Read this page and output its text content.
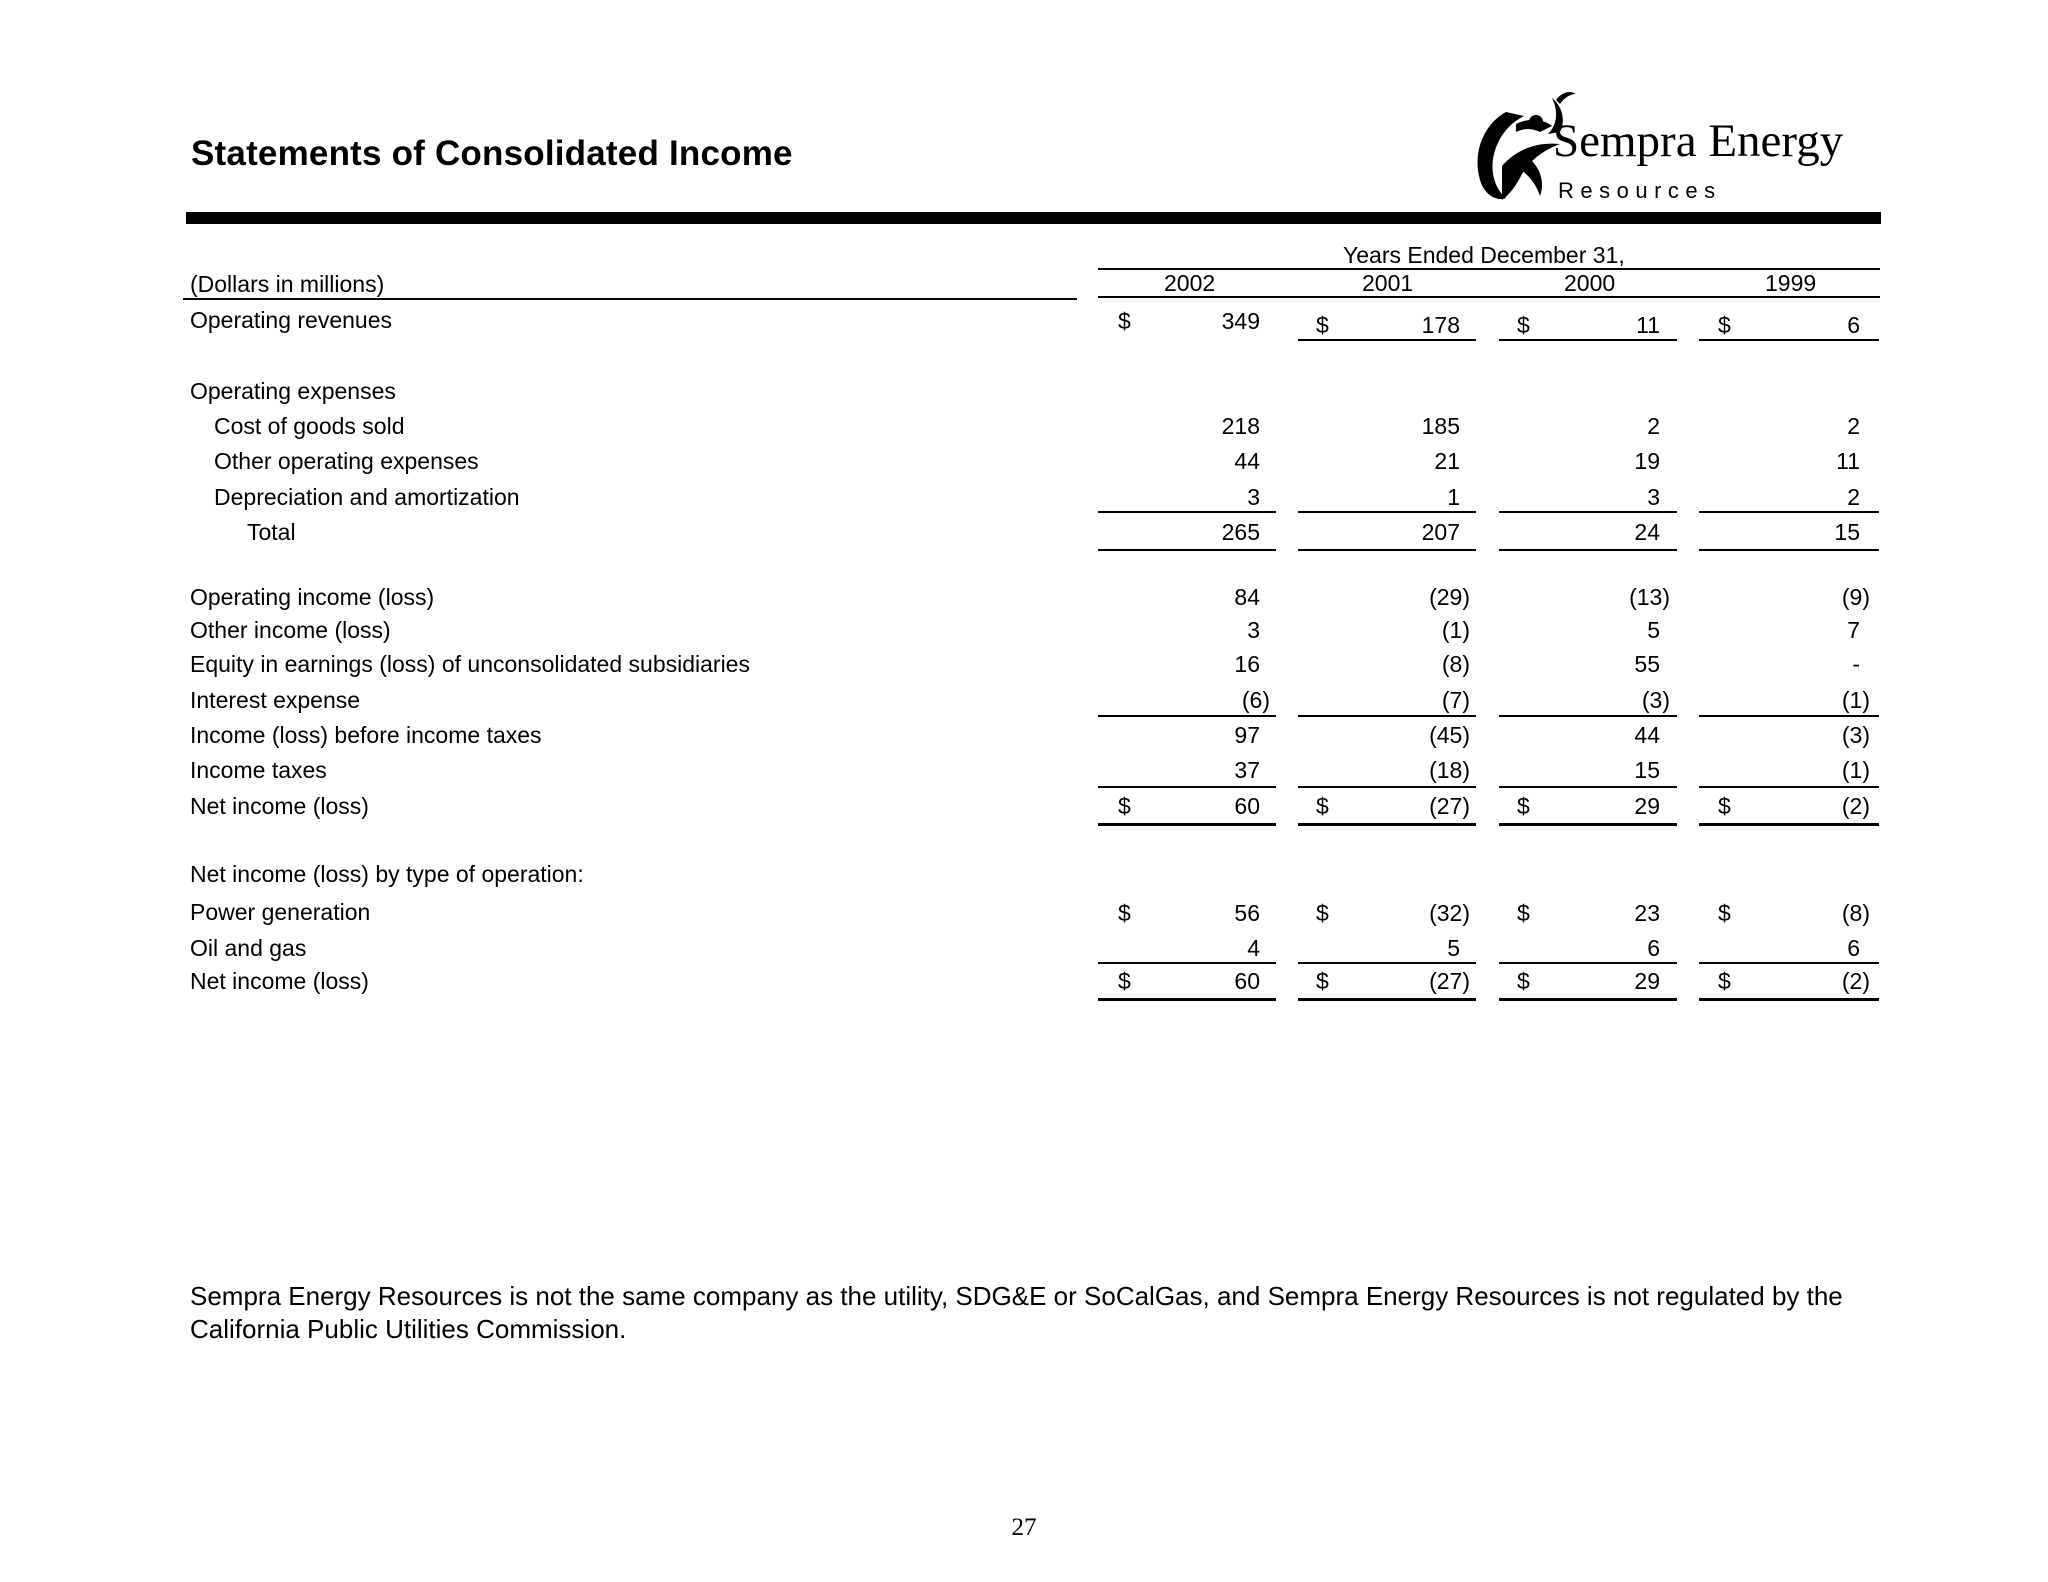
Statements of Consolidated Income	Sempra Energy
Resources
Years Ended December 31,
(Dollars in millions)	2002	2001	2000	1999
Operating revenues	$	349 $	178 $	11	$	6
Operating expenses
Cost of goods sold	218	185	2	2
Other operating expenses	44	21	19	11
Depreciation and amortization	3	1	3	2
Total	265	207	24	15
Operating income (loss)	84	(29)	(13)	(9)
Other income (loss)	3	(1)	5	7
Equity in earnings (loss) of unconsolidated subsidiaries	16	(8)	55	-
Interest expense	(6)	(7)	(3)	(1)
Income (loss) before income taxes	97	(45)	44	(3)
Income taxes	37	(18)	15	(1)
Net income (loss)	$	60 $	(27) $	29	$	(2)
Net income (loss) by type of operation:
Power generation	$	56 $	(32) $	23	$	(8)
Oil and gas	4	5	6	6
Net income (loss)	$	60 $	(27) $	29	$	(2)
Sempra Energy Resources is not the same company as the utility, SDG&E or SoCalGas, and Sempra Energy Resources is not regulated by the California Public Utilities Commission.
27
